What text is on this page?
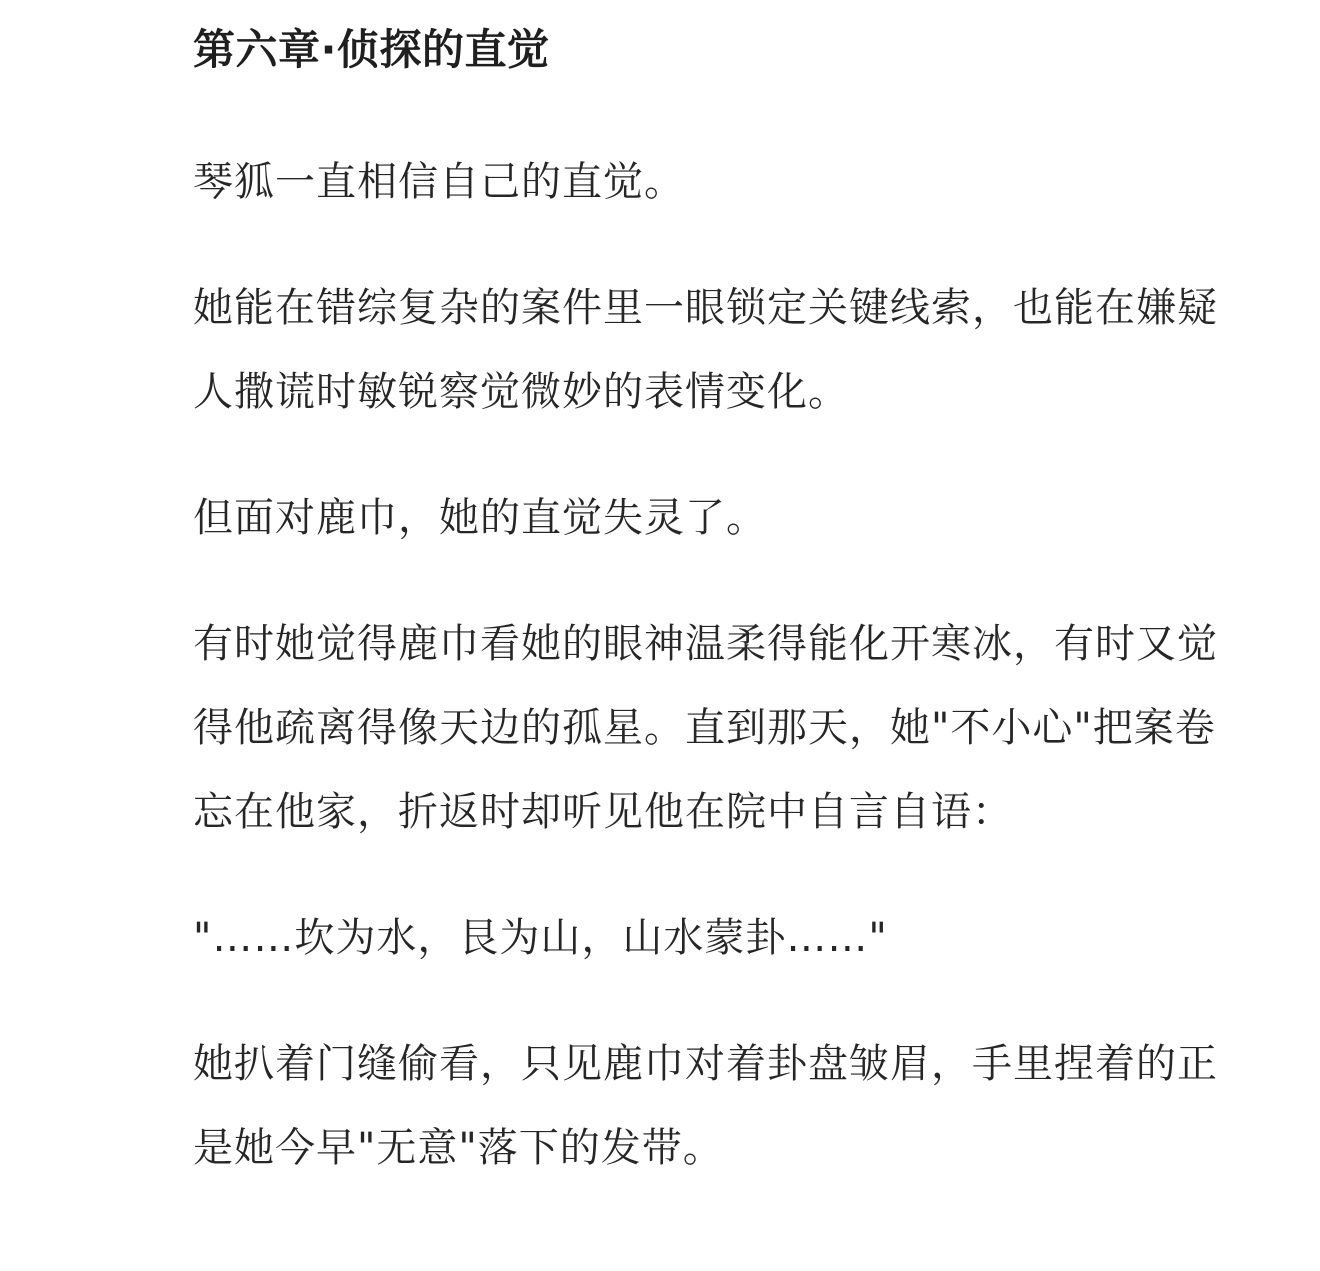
第六章·侦探的直觉

琴狐一直相信自己的直觉。

她能在错综复杂的案件里一眼锁定关键线索，也能在嫌疑人撒谎时敏锐察觉微妙的表情变化。

但面对鹿巾，她的直觉失灵了。

有时她觉得鹿巾看她的眼神温柔得能化开寒冰，有时又觉得他疏离得像天边的孤星。直到那天，她"不小心"把案卷忘在他家，折返时却听见他在院中自言自语：

"……坎为水，艮为山，山水蒙卦……"

她扒着门缝偷看，只见鹿巾对着卦盘皱眉，手里捏着的正是她今早"无意"落下的发带。
